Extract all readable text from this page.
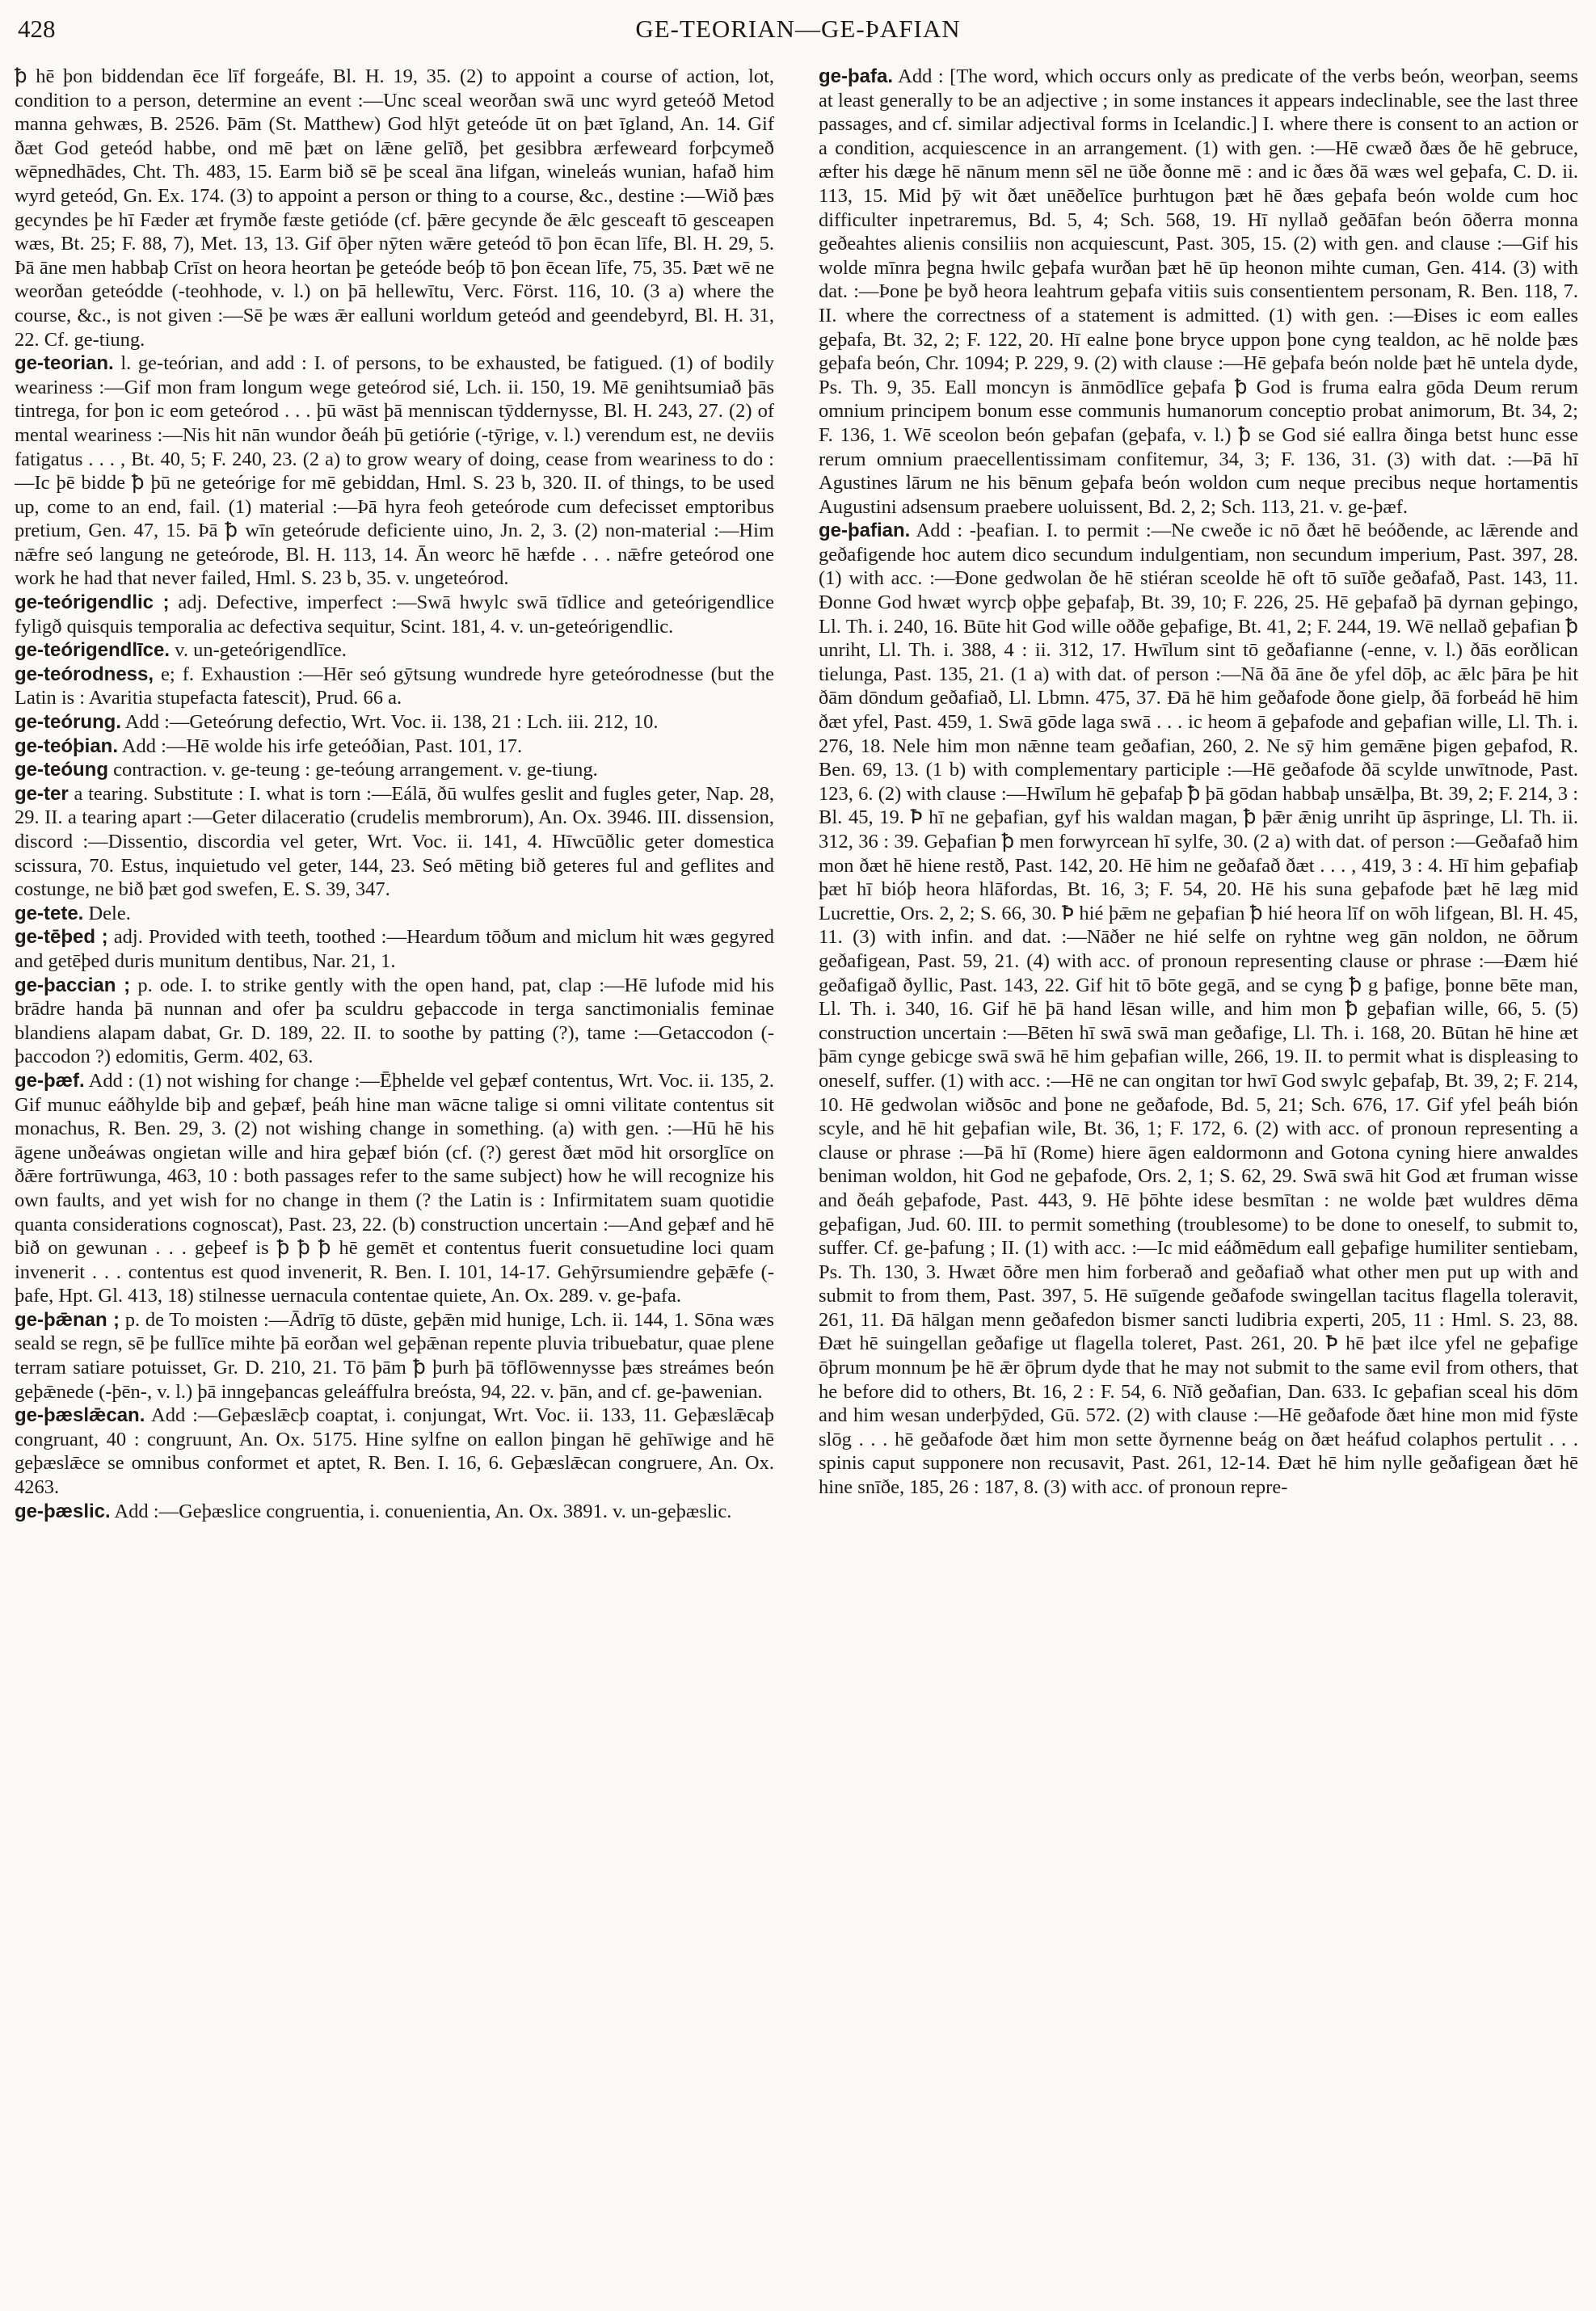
428	GE-TEORIAN—GE-ÞAFIAN

ꝥ hē þon biddendan ēce līf forgeáfe, Bl. H. 19, 35. (2) to appoint a course of action, lot, condition to a person, determine an event :—Unc sceal weorðan swā unc wyrd geteóð Metod manna gehwæs, B. 2526. Þām (St. Matthew) God hlȳt geteóde ūt on þæt īgland, An. 14. Gif ðæt God geteód habbe, ond mē þæt on lǣne gelīð, þet gesibbra ærfeweard forþcymeð wēpnedhādes, Cht. Th. 483, 15. Earm bið sē þe sceal āna lifgan, wineleás wunian, hafað him wyrd geteód, Gn. Ex. 174. (3) to appoint a person or thing to a course, &c., destine :—Wið þæs gecyndes þe hī Fæder æt frymðe fæste getióde (cf. þǣre gecynde ðe ǣlc gesceaft tō gesceapen wæs, Bt. 25; F. 88, 7), Met. 13, 13. Gif ōþer nȳten wǣre geteód tō þon ēcan līfe, Bl. H. 29, 5. Þā āne men habbaþ Crīst on heora heortan þe geteóde beóþ tō þon ēcean līfe, 75, 35. Þæt wē ne weorðan geteódde (-teohhode, v. l.) on þā hellewītu, Verc. Först. 116, 10. (3 a) where the course, &c., is not given :—Sē þe wæs ǣr ealluni worldum geteód and geendebyrd, Bl. H. 31, 22. Cf. ge-tiung.

ge-teorian. l. ge-teórian, and add : I. of persons, to be exhausted, be fatigued. (1) of bodily weariness :—Gif mon fram longum wege geteórod sié, Lch. ii. 150, 19. Mē genihtsumiað þās tintrega, for þon ic eom geteórod . . . þū wāst þā menniscan tȳddernysse, Bl. H. 243, 27. (2) of mental weariness :—Nis hit nān wundor ðeáh þū getiórie (-tȳrige, v. l.) verendum est, ne deviis fatigatus . . . , Bt. 40, 5; F. 240, 23. (2 a) to grow weary of doing, cease from weariness to do :—Ic þē bidde ꝥ þū ne geteórige for mē gebiddan, Hml. S. 23 b, 320. II. of things, to be used up, come to an end, fail. (1) material :—Þā hyra feoh geteórode cum defecisset emptoribus pretium, Gen. 47, 15. Þā ꝥ wīn geteórude deficiente uino, Jn. 2, 3. (2) non-material :—Him nǣfre seó langung ne geteórode, Bl. H. 113, 14. Ān weorc hē hæfde . . . nǣfre geteórod one work he had that never failed, Hml. S. 23 b, 35. v. ungeteórod.

ge-teórigendlic ; adj. Defective, imperfect :—Swā hwylc swā tīdlice and geteórigendlice fyligð quisquis temporalia ac defectiva sequitur, Scint. 181, 4. v. un-geteórigendlic.

ge-teórigendlīce. v. un-geteórigendlīce.

ge-teórodness, e; f. Exhaustion :—Hēr seó gȳtsung wundrede hyre geteórodnesse (but the Latin is : Avaritia stupefacta fatescit), Prud. 66 a.

ge-teórung. Add :—Geteórung defectio, Wrt. Voc. ii. 138, 21 : Lch. iii. 212, 10.

ge-teóþian. Add :—Hē wolde his irfe geteóðian, Past. 101, 17.

ge-teóung contraction. v. ge-teung : ge-teóung arrangement. v. ge-tiung.

ge-ter a tearing. Substitute : I. what is torn :—Eálā, ðū wulfes geslit and fugles geter, Nap. 28, 29. II. a tearing apart :—Geter dilaceratio (crudelis membrorum), An. Ox. 3946. III. dissension, discord :—Dissentio, discordia vel geter, Wrt. Voc. ii. 141, 4. Hīwcūðlic geter domestica scissura, 70. Estus, inquietudo vel geter, 144, 23. Seó mēting bið geteres ful and geflites and costunge, ne bið þæt god swefen, E. S. 39, 347.

ge-tete. Dele.

ge-tēþed ; adj. Provided with teeth, toothed :—Heardum tōðum and miclum hit wæs gegyred and getēþed duris munitum dentibus, Nar. 21, 1.

ge-þaccian ; p. ode. I. to strike gently with the open hand, pat, clap :—Hē lufode mid his brādre handa þā nunnan and ofer þa sculdru geþaccode in terga sanctimonialis feminae blandiens alapam dabat, Gr. D. 189, 22. II. to soothe by patting (?), tame :—Getaccodon (-þaccodon ?) edomitis, Germ. 402, 63.

ge-þæf. Add : (1) not wishing for change :—Ēþhelde vel geþæf contentus, Wrt. Voc. ii. 135, 2. Gif munuc eáðhylde biþ and geþæf, þeáh hine man wācne talige si omni vilitate contentus sit monachus, R. Ben. 29, 3. (2) not wishing change in something. (a) with gen. :—Hū hē his āgene unðeáwas ongietan wille and hira geþæf bión (cf. (?) gerest ðæt mōd hit orsorglīce on ðǣre fortrūwunga, 463, 10 : both passages refer to the same subject) how he will recognize his own faults, and yet wish for no change in them (? the Latin is : Infirmitatem suam quotidie quanta considerations cognoscat), Past. 23, 22. (b) construction uncertain :—And geþæf and hē bið on gewunan . . . geþeef is ꝥ ꝥ ꝥ hē gemēt et contentus fuerit consuetudine loci quam invenerit . . . contentus est quod invenerit, R. Ben. I. 101, 14-17. Gehȳrsumiendre geþǣfe (-þafe, Hpt. Gl. 413, 18) stilnesse uernacula contentae quiete, An. Ox. 289. v. ge-þafa.

ge-þǣnan ; p. de To moisten :—Ādrīg tō dūste, geþǣn mid hunige, Lch. ii. 144, 1. Sōna wæs seald se regn, sē þe fullīce mihte þā eorðan wel geþǣnan repente pluvia tribuebatur, quae plene terram satiare potuisset, Gr. D. 210, 21. Tō þām ꝥ þurh þā tōflōwennysse þæs streámes beón geþǣnede (-þēn-, v. l.) þā inngeþancas geleáffulra breósta, 94, 22. v. þān, and cf. ge-þawenian.

ge-þæslǣcan. Add :—Geþæslǣcþ coaptat, i. conjungat, Wrt. Voc. ii. 133, 11. Geþæslǣcaþ congruant, 40 : congruunt, An. Ox. 5175. Hine sylfne on eallon þingan hē gehīwige and hē geþæslǣce se omnibus conformet et aptet, R. Ben. I. 16, 6. Geþæslǣcan congruere, An. Ox. 4263.

ge-þæslic. Add :—Geþæslice congruentia, i. conuenientia, An. Ox. 3891. v. un-geþæslic.

ge-þafa. Add : [The word, which occurs only as predicate of the verbs beón, weorþan, seems at least generally to be an adjective ; in some instances it appears indeclinable, see the last three passages, and cf. similar adjectival forms in Icelandic.] I. where there is consent to an action or a condition, acquiescence in an arrangement. (1) with gen. :—Hē cwæð ðæs ðe hē gebruce, æfter his dæge hē nānum menn sēl ne ūðe ðonne mē : and ic ðæs ðā wæs wel geþafa, C. D. ii. 113, 15. Mid þȳ wit ðæt unēðelīce þurhtugon þæt hē ðæs geþafa beón wolde cum hoc difficulter inpetraremus, Bd. 5, 4; Sch. 568, 19. Hī nyllað geðāfan beón ōðerra monna geðeahtes alienis consiliis non acquiescunt, Past. 305, 15. (2) with gen. and clause :—Gif his wolde mīnra þegna hwilc geþafa wurðan þæt hē ūp heonon mihte cuman, Gen. 414. (3) with dat. :—Þone þe byð heora leahtrum geþafa vitiis suis consentientem personam, R. Ben. 118, 7. II. where the correctness of a statement is admitted. (1) with gen. :—Ðises ic eom ealles geþafa, Bt. 32, 2; F. 122, 20. Hī ealne þone bryce uppon þone cyng tealdon, ac hē nolde þæs geþafa beón, Chr. 1094; P. 229, 9. (2) with clause :—Hē geþafa beón nolde þæt hē untela dyde, Ps. Th. 9, 35. Eall moncyn is ānmōdlīce geþafa ꝥ God is fruma ealra gōda Deum rerum omnium principem bonum esse communis humanorum conceptio probat animorum, Bt. 34, 2; F. 136, 1. Wē sceolon beón geþafan (geþafa, v. l.) ꝥ se God sié eallra ðinga betst hunc esse rerum omnium praecellentissimam confitemur, 34, 3; F. 136, 31. (3) with dat. :—Þā hī Agustines lārum ne his bēnum geþafa beón woldon cum neque precibus neque hortamentis Augustini adsensum praebere uoluissent, Bd. 2, 2; Sch. 113, 21. v. ge-þæf.

ge-þafian. Add : -þeafian. I. to permit :—Ne cweðe ic nō ðæt hē beóðende, ac lǣrende and geðafigende hoc autem dico secundum indulgentiam, non secundum imperium, Past. 397, 28. (1) with acc. :—Ðone gedwolan ðe hē stiéran sceolde hē oft tō suīðe geðafað, Past. 143, 11. Ðonne God hwæt wyrcþ oþþe geþafaþ, Bt. 39, 10; F. 226, 25. Hē geþafað þā dyrnan geþingo, Ll. Th. i. 240, 16. Būte hit God wille oððe geþafige, Bt. 41, 2; F. 244, 19. Wē nellað geþafian ꝥ unriht, Ll. Th. i. 388, 4 : ii. 312, 17. Hwīlum sint tō geðafianne (-enne, v. l.) ðās eorðlican tielunga, Past. 135, 21. (1 a) with dat. of person :—Nā ðā āne ðe yfel dōþ, ac ǣlc þāra þe hit ðām dōndum geðafiað, Ll. Lbmn. 475, 37. Ðā hē him geðafode ðone gielp, ðā forbeád hē him ðæt yfel, Past. 459, 1. Swā gōde laga swā . . . ic heom ā geþafode and geþafian wille, Ll. Th. i. 276, 18. Nele him mon nǣnne team geðafian, 260, 2. Ne sȳ him gemǣne þigen geþafod, R. Ben. 69, 13. (1 b) with complementary participle :—Hē geðafode ðā scylde unwītnode, Past. 123, 6. (2) with clause :—Hwīlum hē geþafaþ ꝥ þā gōdan habbaþ unsǣlþa, Bt. 39, 2; F. 214, 3 : Bl. 45, 19. Ꝥ hī ne geþafian, gyf his waldan magan, ꝥ þǣr ǣnig unriht ūp āspringe, Ll. Th. ii. 312, 36 : 39. Geþafian ꝥ men forwyrcean hī sylfe, 30. (2 a) with dat. of person :—Geðafað him mon ðæt hē hiene restð, Past. 142, 20. Hē him ne geðafað ðæt . . . , 419, 3 : 4. Hī him geþafiaþ þæt hī bióþ heora hlāfordas, Bt. 16, 3; F. 54, 20. Hē his suna geþafode þæt hē læg mid Lucrettie, Ors. 2, 2; S. 66, 30. Ꝥ hié þǣm ne geþafian ꝥ hié heora līf on wōh lifgean, Bl. H. 45, 11. (3) with infin. and dat. :—Nāðer ne hié selfe on ryhtne weg gān noldon, ne ōðrum geðafigean, Past. 59, 21. (4) with acc. of pronoun representing clause or phrase :—Ðæm hié geðafigað ðyllic, Past. 143, 22. Gif hit tō bōte gegā, and se cyng ꝥ g þafige, þonne bēte man, Ll. Th. i. 340, 16. Gif hē þā hand lēsan wille, and him mon ꝥ geþafian wille, 66, 5. (5) construction uncertain :—Bēten hī swā swā man geðafige, Ll. Th. i. 168, 20. Būtan hē hine æt þām cynge gebicge swā swā hē him geþafian wille, 266, 19. II. to permit what is displeasing to oneself, suffer. (1) with acc. :—Hē ne can ongitan tor hwī God swylc geþafaþ, Bt. 39, 2; F. 214, 10. Hē gedwolan wiðsōc and þone ne geðafode, Bd. 5, 21; Sch. 676, 17. Gif yfel þeáh bión scyle, and hē hit geþafian wile, Bt. 36, 1; F. 172, 6. (2) with acc. of pronoun representing a clause or phrase :—Þā hī (Rome) hiere āgen ealdormonn and Gotona cyning hiere anwaldes beniman woldon, hit God ne geþafode, Ors. 2, 1; S. 62, 29. Swā swā hit God æt fruman wisse and ðeáh geþafode, Past. 443, 9. Hē þōhte idese besmītan : ne wolde þæt wuldres dēma geþafigan, Jud. 60. III. to permit something (troublesome) to be done to oneself, to submit to, suffer. Cf. ge-þafung ; II. (1) with acc. :—Ic mid eáðmēdum eall geþafige humiliter sentiebam, Ps. Th. 130, 3. Hwæt ōðre men him forberað and geðafiað what other men put up with and submit to from them, Past. 397, 5. Hē suīgende geðafode swingellan tacitus flagella toleravit, 261, 11. Ðā hālgan menn geðafedon bismer sancti ludibria experti, 205, 11 : Hml. S. 23, 88. Ðæt hē suingellan geðafige ut flagella toleret, Past. 261, 20. Ꝥ hē þæt ilce yfel ne geþafige ōþrum monnum þe hē ǣr ōþrum dyde that he may not submit to the same evil from others, that he before did to others, Bt. 16, 2 : F. 54, 6. Nīð geðafian, Dan. 633. Ic geþafian sceal his dōm and him wesan underþȳded, Gū. 572. (2) with clause :—Hē geðafode ðæt hine mon mid fȳste slōg . . . hē geðafode ðæt him mon sette ðyrnenne beág on ðæt heáfud colaphos pertulit . . . spinis caput supponere non recusavit, Past. 261, 12-14. Ðæt hē him nylle geðafigean ðæt hē hine snīðe, 185, 26 : 187, 8. (3) with acc. of pronoun repre-
